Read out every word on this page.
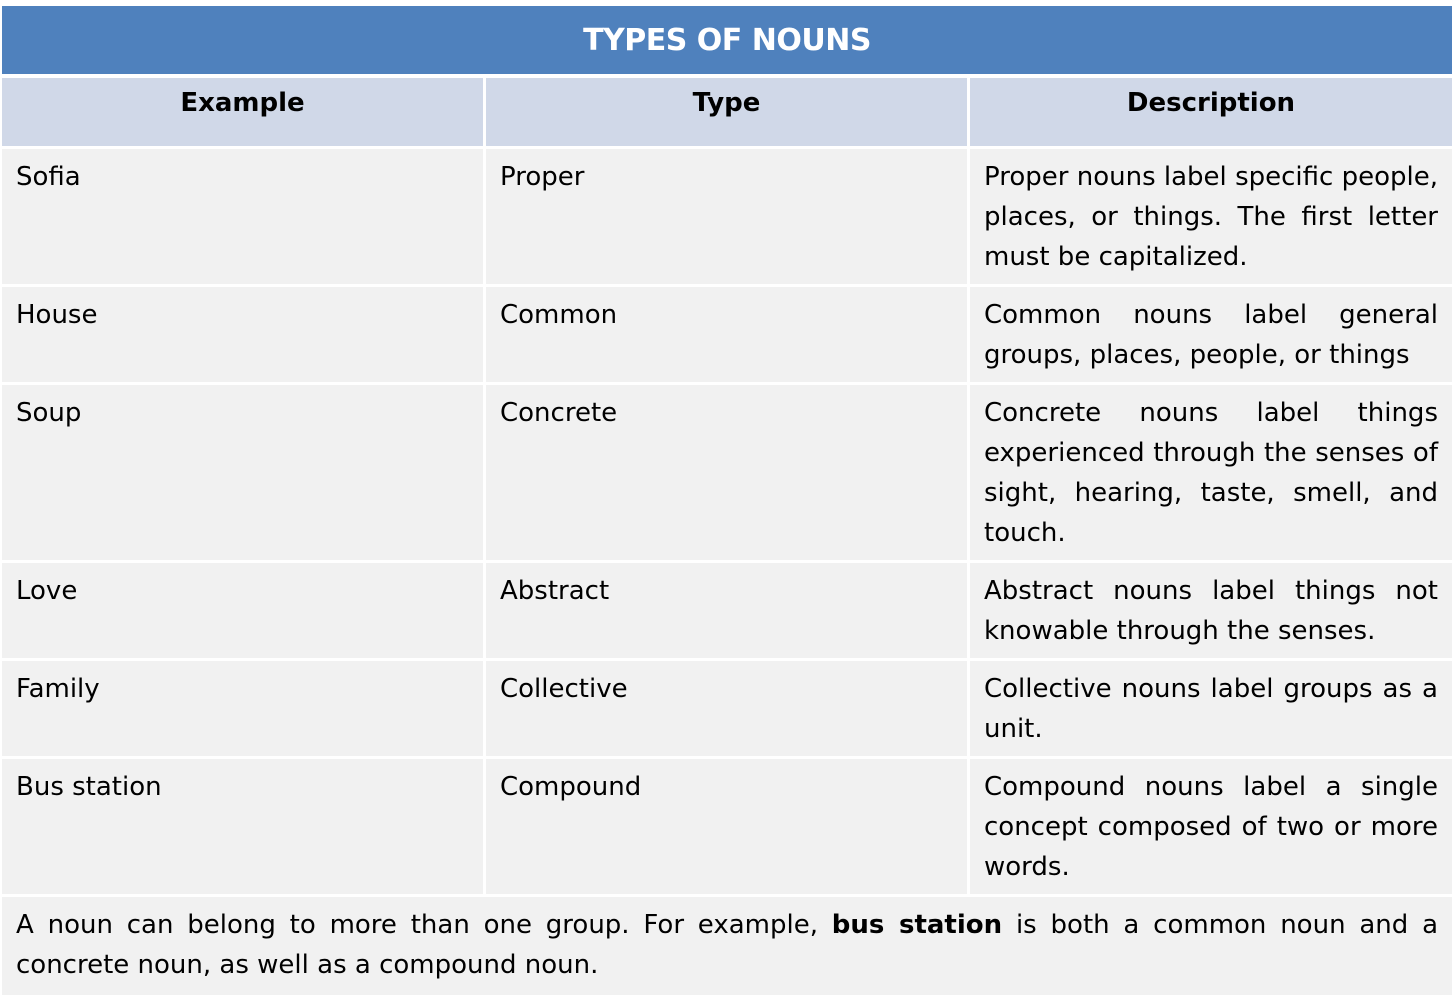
TYPES OF NOUNS
Example	Type	Description
Sofia	Proper	Proper nouns label specific people, places, or things. The first letter must be capitalized.
House	Common	Common nouns label general groups, places, people, or things
Soup	Concrete	Concrete nouns label things experienced through the senses of sight, hearing, taste, smell, and touch.
Love	Abstract	Abstract nouns label things not knowable through the senses.
Family	Collective	Collective nouns label groups as a unit.
Bus station	Compound	Compound nouns label a single concept composed of two or more words.
A noun can belong to more than one group. For example, bus station is both a common noun and a concrete noun, as well as a compound noun.
